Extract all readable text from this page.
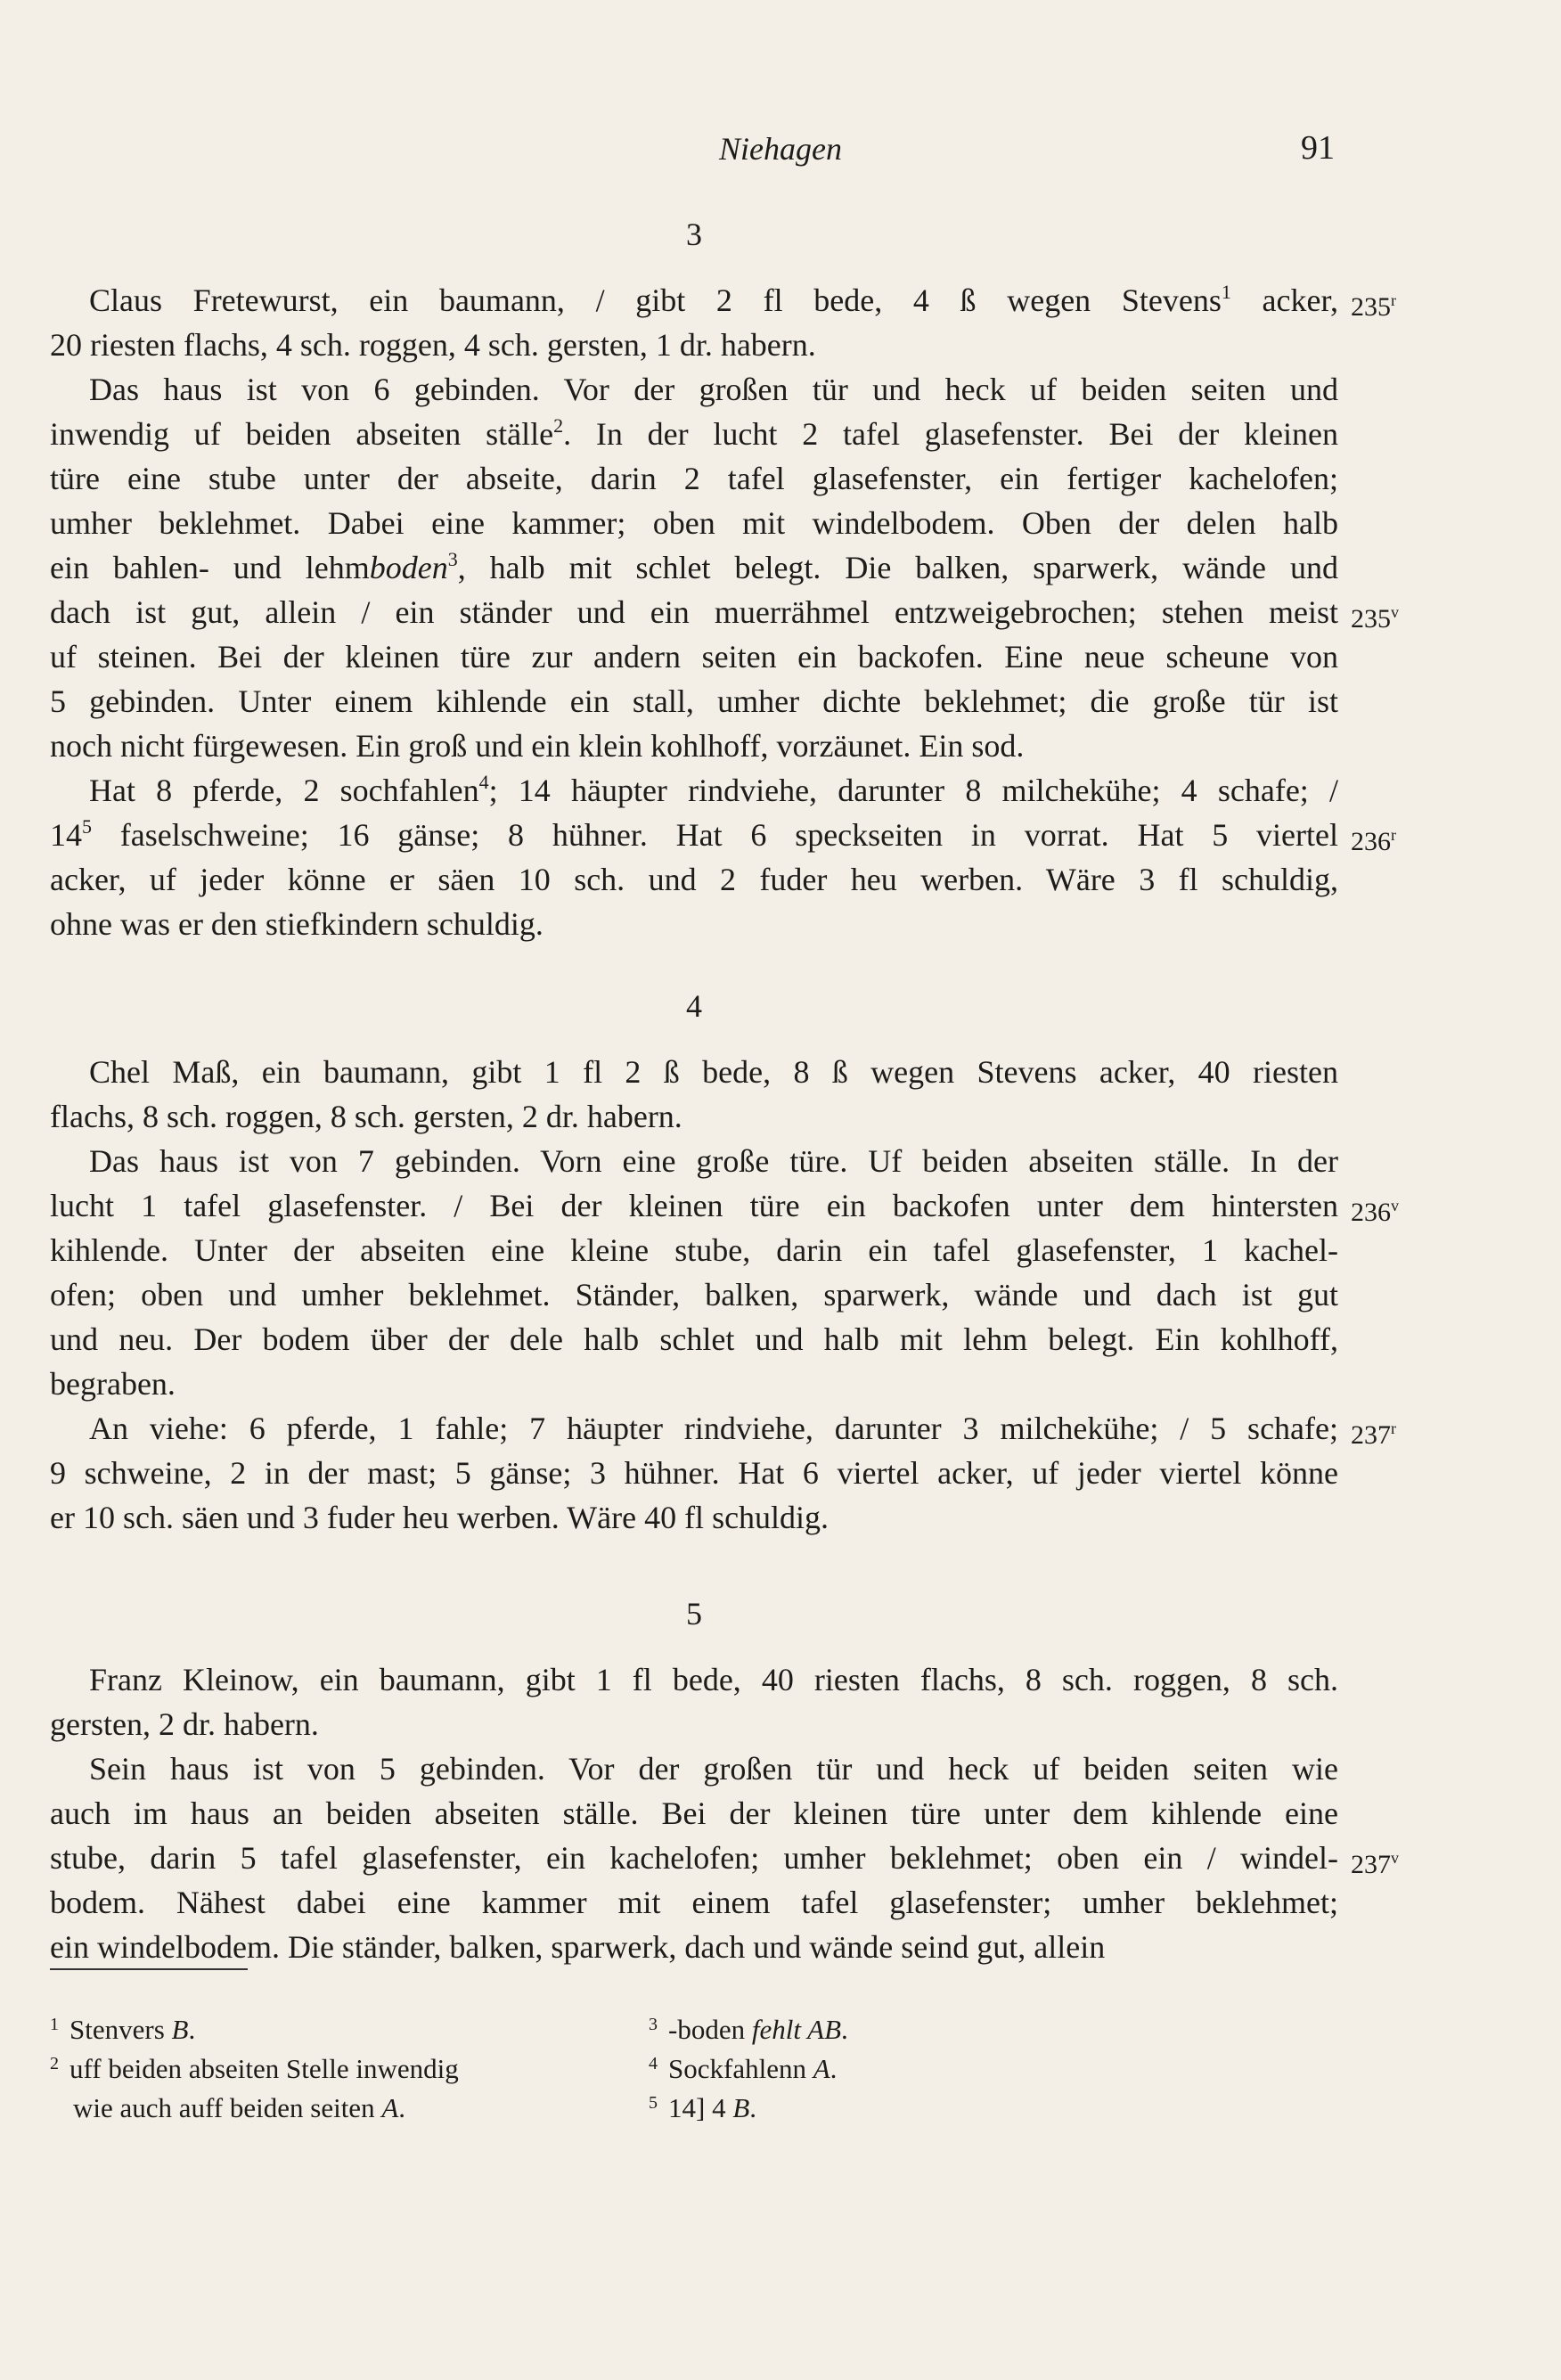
Niehagen	91
3
Claus Fretewurst, ein baumann, / gibt 2 fl bede, 4 ß wegen Stevens$^1$ acker, 235$^r$
20 riesten flachs, 4 sch. roggen, 4 sch. gersten, 1 dr. habern.
Das haus ist von 6 gebinden. Vor der großen tür und heck uf beiden seiten und
inwendig uf beiden abseiten ställe$^2$. In der lucht 2 tafel glasefenster. Bei der kleinen
türe eine stube unter der abseite, darin 2 tafel glasefenster, ein fertiger kachelofen;
umher beklehmet. Dabei eine kammer; oben mit windelbodem. Oben der delen halb
ein bahlen- und lehmboden$^3$, halb mit schlet belegt. Die balken, sparwerk, wände und
dach ist gut, allein / ein ständer und ein muerrähmel entzweigebrochen; stehen meist 235$^v$
uf steinen. Bei der kleinen türe zur andern seiten ein backofen. Eine neue scheune von
5 gebinden. Unter einem kihlende ein stall, umher dichte beklehmet; die große tür ist
noch nicht fürgewesen. Ein groß und ein klein kohlhoff, vorzäunet. Ein sod.
Hat 8 pferde, 2 sochfahlen$^4$; 14 häupter rindviehe, darunter 8 milchekühe; 4 schafe; /
14$^5$ faselschweine; 16 gänse; 8 hühner. Hat 6 speckseiten in vorrat. Hat 5 viertel 236$^r$
acker, uf jeder könne er säen 10 sch. und 2 fuder heu werben. Wäre 3 fl schuldig,
ohne was er den stiefkindern schuldig.
4
Chel Maß, ein baumann, gibt 1 fl 2 ß bede, 8 ß wegen Stevens acker, 40 riesten
flachs, 8 sch. roggen, 8 sch. gersten, 2 dr. habern.
Das haus ist von 7 gebinden. Vorn eine große türe. Uf beiden abseiten ställe. In der
lucht 1 tafel glasefenster. / Bei der kleinen türe ein backofen unter dem hintersten 236$^v$
kihlende. Unter der abseiten eine kleine stube, darin ein tafel glasefenster, 1 kachel-
ofen; oben und umher beklehmet. Ständer, balken, sparwerk, wände und dach ist gut
und neu. Der bodem über der dele halb schlet und halb mit lehm belegt. Ein kohlhoff,
begraben.
An viehe: 6 pferde, 1 fahle; 7 häupter rindviehe, darunter 3 milchekühe; / 5 schafe; 237$^r$
9 schweine, 2 in der mast; 5 gänse; 3 hühner. Hat 6 viertel acker, uf jeder viertel könne
er 10 sch. säen und 3 fuder heu werben. Wäre 40 fl schuldig.
5
Franz Kleinow, ein baumann, gibt 1 fl bede, 40 riesten flachs, 8 sch. roggen, 8 sch.
gersten, 2 dr. habern.
Sein haus ist von 5 gebinden. Vor der großen tür und heck uf beiden seiten wie
auch im haus an beiden abseiten ställe. Bei der kleinen türe unter dem kihlende eine
stube, darin 5 tafel glasefenster, ein kachelofen; umher beklehmet; oben ein / windel- 237$^v$
bodem. Nähest dabei eine kammer mit einem tafel glasefenster; umher beklehmet;
ein windelbodem. Die ständer, balken, sparwerk, dach und wände seind gut, allein
$^1$ Stenvers B.
$^2$ uff beiden abseiten Stelle inwendig
wie auch auff beiden seiten A.
$^3$ -boden fehlt AB.
$^4$ Sockfahlenn A.
$^5$ 14] 4 B.
